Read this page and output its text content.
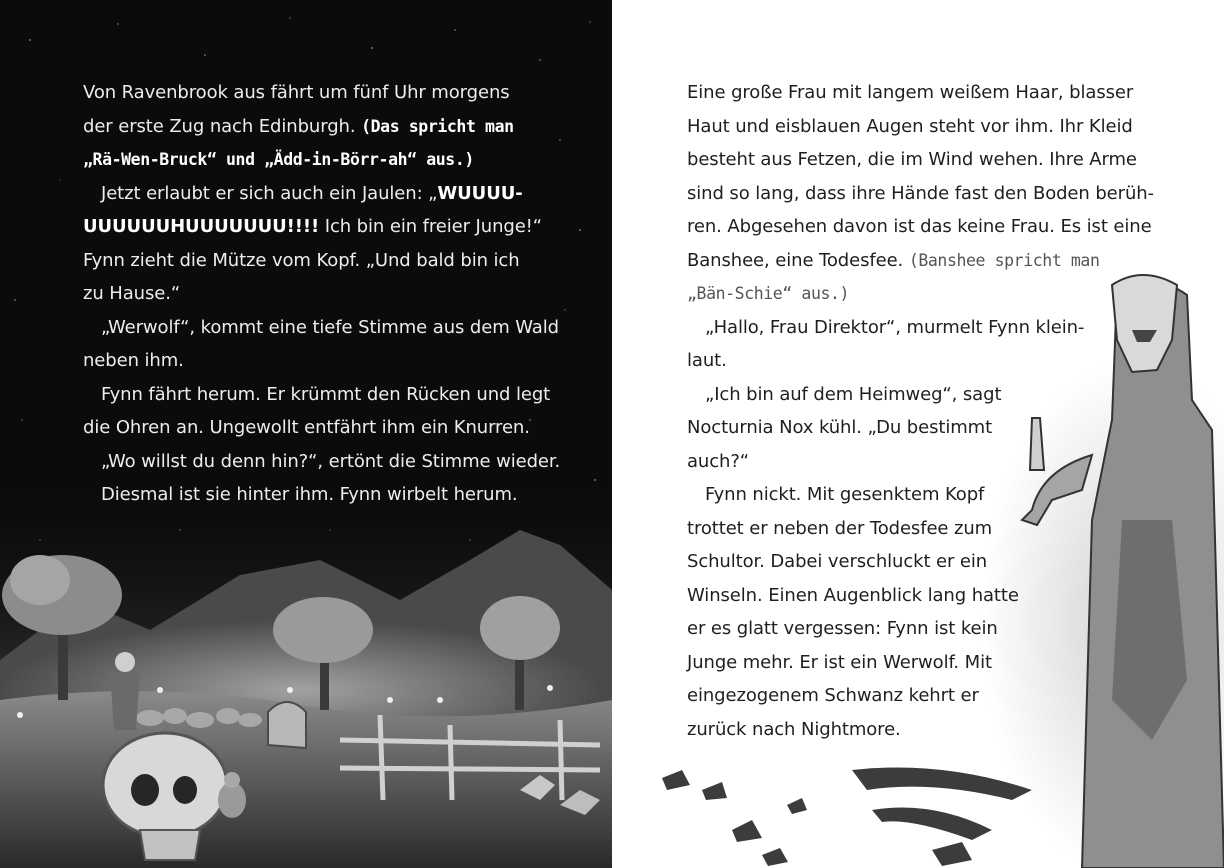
Von Ravenbrook aus fährt um fünf Uhr morgens
der erste Zug nach Edinburgh. (Das spricht man
„Rä-Wen-Bruck“ und „Ädd-in-Börr-ah“ aus.)
Jetzt erlaubt er sich auch ein Jaulen: „WUUUU-
UUUUUUHUUUUUUU!!!! Ich bin ein freier Junge!“
Fynn zieht die Mütze vom Kopf. „Und bald bin ich
zu Hause.“
„Werwolf“, kommt eine tiefe Stimme aus dem Wald
neben ihm.
Fynn fährt herum. Er krümmt den Rücken und legt
die Ohren an. Ungewollt entfährt ihm ein Knurren.
„Wo willst du denn hin?“, ertönt die Stimme wieder.
Diesmal ist sie hinter ihm. Fynn wirbelt herum.

Eine große Frau mit langem weißem Haar, blasser
Haut und eisblauen Augen steht vor ihm. Ihr Kleid
besteht aus Fetzen, die im Wind wehen. Ihre Arme
sind so lang, dass ihre Hände fast den Boden berüh-
ren. Abgesehen davon ist das keine Frau. Es ist eine
Banshee, eine Todesfee. (Banshee spricht man
„Bän-Schie“ aus.)
„Hallo, Frau Direktor“, murmelt Fynn klein-
laut.
„Ich bin auf dem Heimweg“, sagt
Nocturnia Nox kühl. „Du bestimmt
auch?“
Fynn nickt. Mit gesenktem Kopf
trottet er neben der Todesfee zum
Schultor. Dabei verschluckt er ein
Winseln. Einen Augenblick lang hatte
er es glatt vergessen: Fynn ist kein
Junge mehr. Er ist ein Werwolf. Mit
eingezogenem Schwanz kehrt er
zurück nach Nightmore.
